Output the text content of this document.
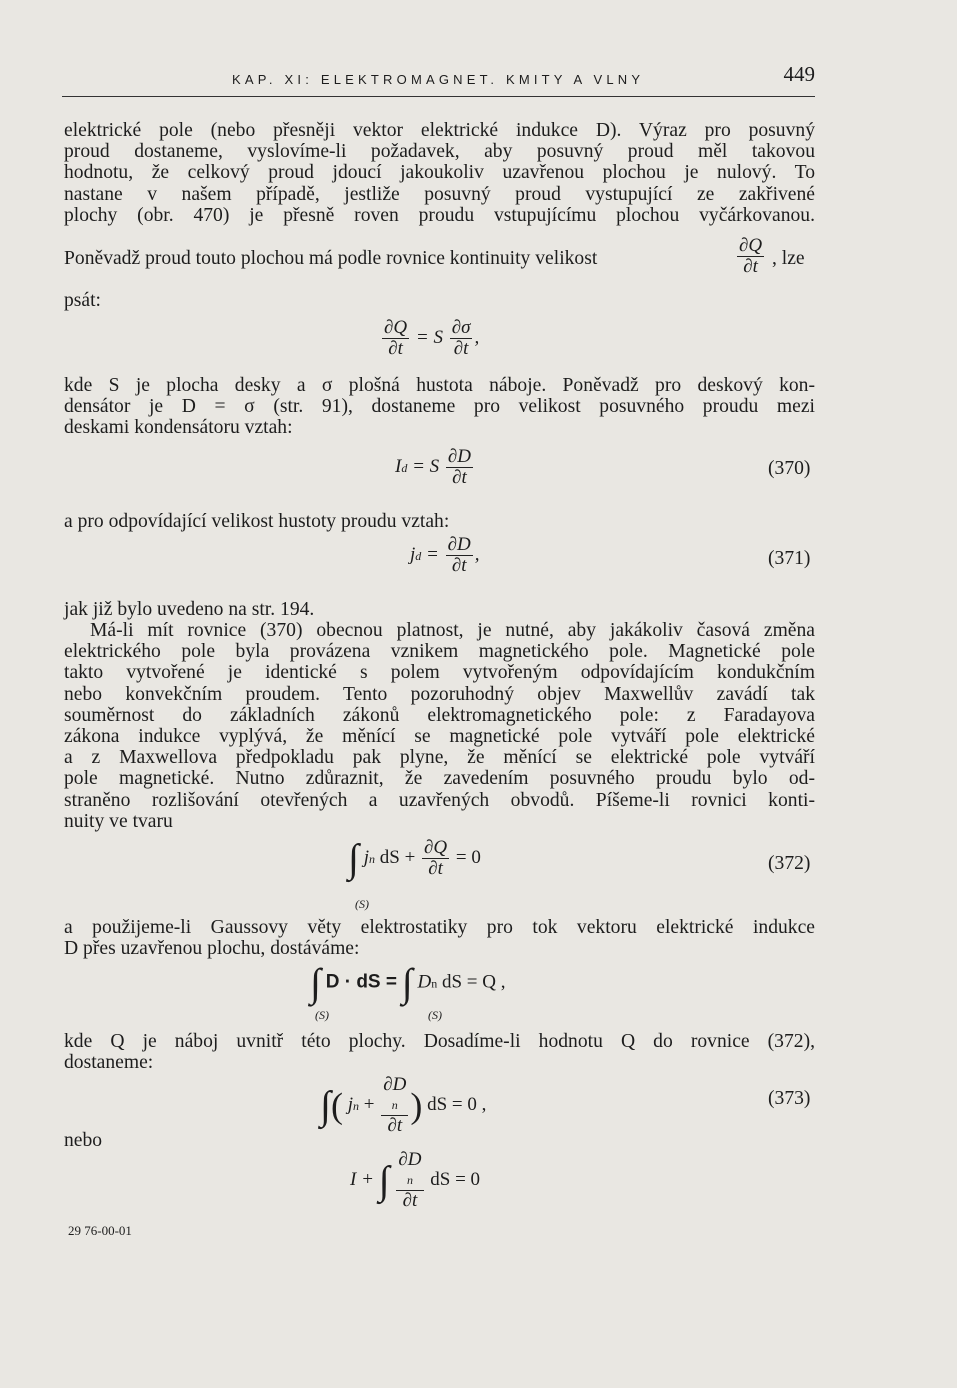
KAP. XI: ELEKTROMAGNET. KMITY A VLNY	449
elektrické pole (nebo přesněji vektor elektrické indukce D). Výraz pro posuvný
proud dostaneme, vyslovíme-li požadavek, aby posuvný proud měl takovou
hodnotu, že celkový proud jdoucí jakoukoliv uzavřenou plochou je nulový. To
nastane v našem případě, jestliže posuvný proud vystupující ze zakřivené
plochy (obr. 470) je přesně roven proudu vstupujícímu plochou vyčárkovanou.
Poněvadž proud touto plochou má podle rovnice kontinuity velikost	$\frac{\partial Q}{\partial t}$ , lze
psát:
$\frac{\partial Q}{\partial t} = S \frac{\partial\sigma}{\partial t}$ ,
kde S je plocha desky a σ plošná hustota náboje. Poněvadž pro deskový kon-
densátor je D = σ (str. 91), dostaneme pro velikost posuvného proudu mezi
deskami kondensátoru vztah:
Id = S $\frac{\partial D}{\partial t}$	(370)
a pro odpovídající velikost hustoty proudu vztah:
jd = $\frac{\partial D}{\partial t}$ ,	(371)
jak již bylo uvedeno na str. 194.
Má-li mít rovnice (370) obecnou platnost, je nutné, aby jakákoliv časová změna
elektrického pole byla provázena vznikem magnetického pole. Magnetické pole
takto vytvořené je identické s polem vytvořeným odpovídajícím kondukčním
nebo konvekčním proudem. Tento pozoruhodný objev Maxwellův zavádí tak
souměrnost do základních zákonů elektromagnetického pole: z Faradayova
zákona indukce vyplývá, že měnící se magnetické pole vytváří pole elektrické
a z Maxwellova předpokladu pak plyne, že měnící se elektrické pole vytváří
pole magnetické. Nutno zdůraznit, že zavedením posuvného proudu bylo od-
straněno rozlišování otevřených a uzavřených obvodů. Píšeme-li rovnici konti-
nuity ve tvaru
∫ jn dS + $\frac{\partial Q}{\partial t} = 0$
(S)
(372)
a použijeme-li Gaussovy věty elektrostatiky pro tok vektoru elektrické indukce
D přes uzavřenou plochu, dostáváme:
∫ D · dS = ∫ Dn dS = Q ,
(S)	(S)
kde Q je náboj uvnitř této plochy. Dosadíme-li hodnotu Q do rovnice (372),
dostaneme:
∫( jn + ∂D
n
∂t ) dS = 0 ,	(373)
nebo
I + ∫ ∂D
n
∂t dS = 0
29 76-00-01
